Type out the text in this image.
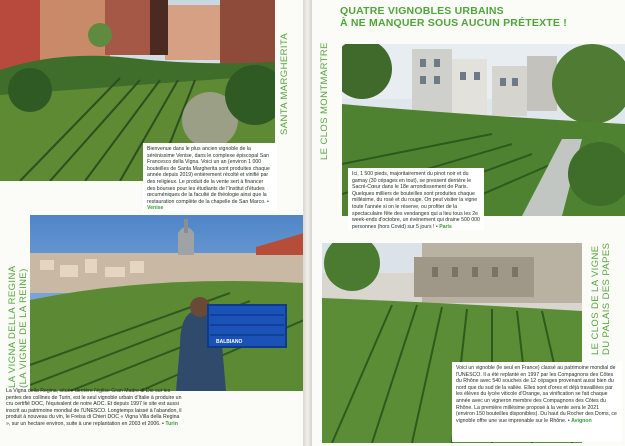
SANTA MARGHERITA
Bienvenue dans le plus ancien vignoble de la sérénissime Venise, dans le complexe épiscopal San Francesco della Vigna. Voici un an (environ 1 000 bouteilles de Santa Margherita sont produites chaque année depuis 2019) entièrement récolté et vinifié par des religieux. Le produit de la vente sert à financer des bourses pour les étudiants de l'Institut d'études œcuméniques de la faculté de théologie ainsi que la restauration complète de la chapelle de San Marco. • Venise
BALBIANO
LA VIGNA DELLA REGINA (LA VIGNE DE LA REINE)
La Vigna della Regina, située derrière l'église Gran Madre di Dio sur les pentes des collines de Turin, est le seul vignoble urbain d'Italie à produire un cru certifié DOC, l'équivalent de notre AOC. Et depuis 1997 le site est aussi inscrit au patrimoine mondial de l'UNESCO. Longtemps laissé à l'abandon, il produit à nouveau du vin, le Freisa di Chieri DOC « Vigna Villa della Regina », sur un hectare environ, suite à une replantation en 2003 et 2006. • Turin
LE CLOS MONTMARTRE
Ici, 1 500 pieds, majoritairement du pinot noir et du gamay (30 cépages en tout), se pressent derrière le Sacré-Cœur dans le 18e arrondissement de Paris. Quelques milliers de bouteilles sont produites chaque millésime, du rosé et du rouge. On peut visiter la vigne toute l'année si on le réserve, ou profiter de la spectaculaire fête des vendanges qui a lieu tous les 2e week-ends d'octobre, un événement qui draine 500 000 personnes (hors Covid) sur 5 jours ! • Paris
LE CLOS DE LA VIGNE DU PALAIS DES PAPES
Voici un vignoble (le seul en France) classé au patrimoine mondial de l'UNESCO. Il a été replanté en 1997 par les Compagnons des Côtes du Rhône avec 540 souches de 12 cépages provenant aussi bien du nord que du sud de la vallée. Elles sont d'ores et déjà travaillées par les élèves du lycée viticole d'Orange, sa vinification se fait chaque année avec un vigneron membre des Compagnons des Côtes du Rhône. La première millésime proposé à la vente sera le 2021 (environ 150 bouteilles disponibles). Du haut du Rocher des Doms, ce vignoble offre une vue imprenable sur le Rhône. • Avignon
QUATRE VIGNOBLES URBAINS
À NE MANQUER SOUS AUCUN PRÉTEXTE !
